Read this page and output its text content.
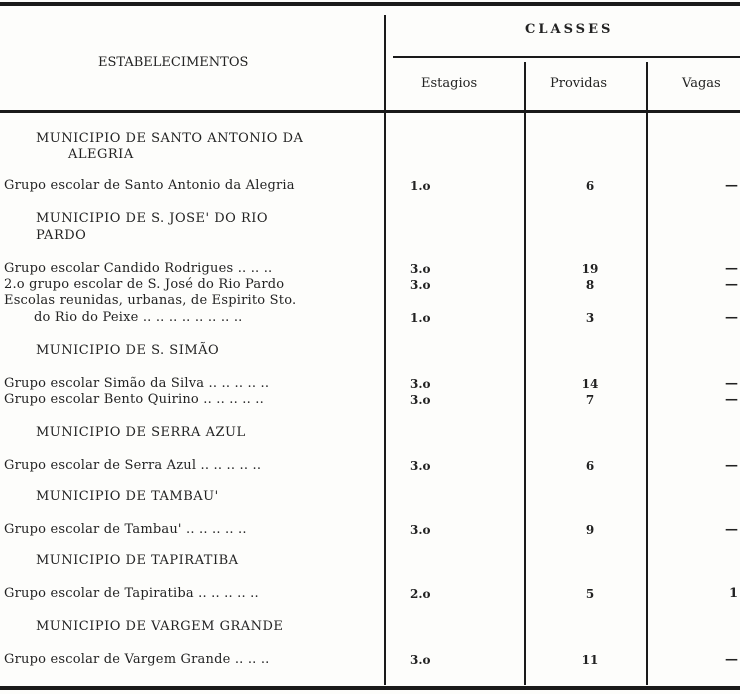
ESTABELECIMENTOS
CLASSES
Estagios	Providas	Vagas
MUNICIPIO DE SANTO ANTONIO DA
ALEGRIA
Grupo escolar de Santo Antonio da Alegria	1.o	6	—
MUNICIPIO DE S. JOSE' DO RIO
PARDO
Grupo escolar Candido Rodrigues .. .. ..	3.o	19	—
2.o grupo escolar de S. José do Rio Pardo	3.o	8	—
Escolas reunidas, urbanas, de Espirito Sto.
do Rio do Peixe .. .. .. .. .. .. .. ..	1.o	3	—
MUNICIPIO DE S. SIMÃO
Grupo escolar Simão da Silva .. .. .. .. ..	3.o	14	—
Grupo escolar Bento Quirino .. .. .. .. ..	3.o	7	—
MUNICIPIO DE SERRA AZUL
Grupo escolar de Serra Azul .. .. .. .. ..	3.o	6	—
MUNICIPIO DE TAMBAU'
Grupo escolar de Tambau' .. .. .. .. ..	3.o	9	—
MUNICIPIO DE TAPIRATIBA
Grupo escolar de Tapiratiba .. .. .. .. ..	2.o	5	1
MUNICIPIO DE VARGEM GRANDE
Grupo escolar de Vargem Grande .. .. ..	3.o	11	—
